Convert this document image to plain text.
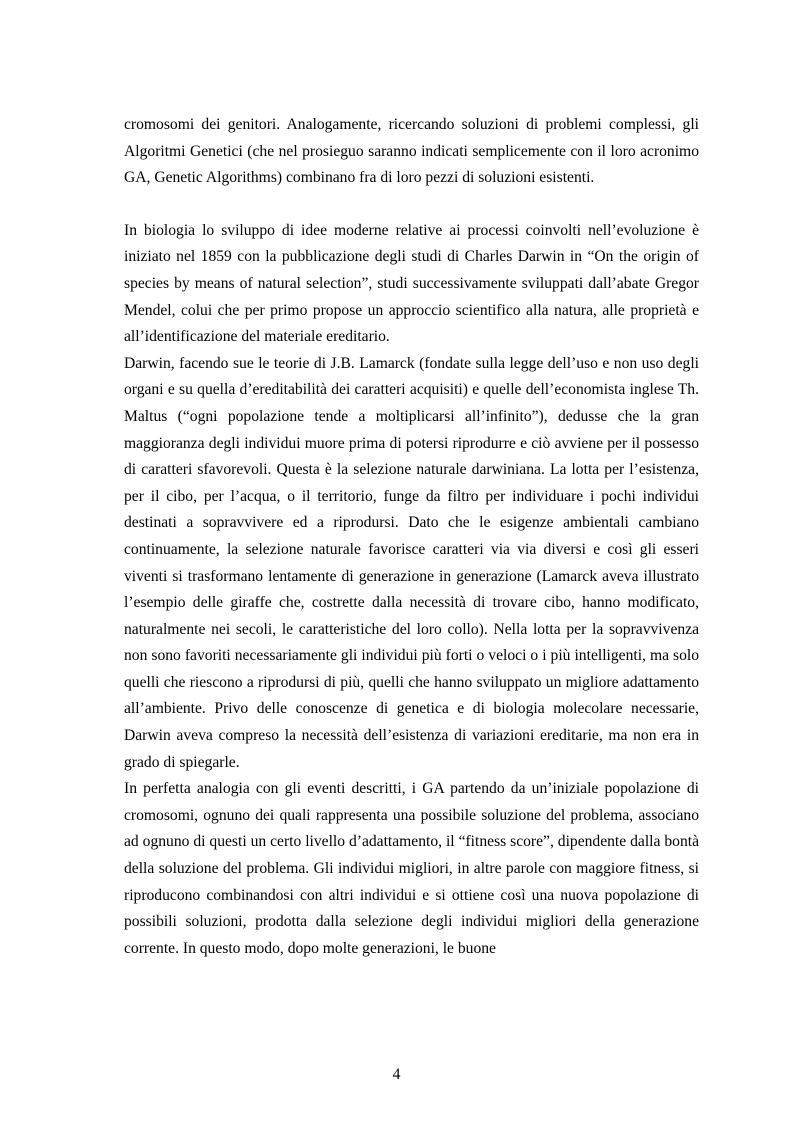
cromosomi dei genitori. Analogamente, ricercando soluzioni di problemi complessi, gli Algoritmi Genetici (che nel prosieguo saranno indicati semplicemente con il loro acronimo GA, Genetic Algorithms) combinano fra di loro pezzi di soluzioni esistenti.

In biologia lo sviluppo di idee moderne relative ai processi coinvolti nell’evoluzione è iniziato nel 1859 con la pubblicazione degli studi di Charles Darwin in “On the origin of species by means of natural selection”, studi successivamente sviluppati dall’abate Gregor Mendel, colui che per primo propose un approccio scientifico alla natura, alle proprietà e all’identificazione del materiale ereditario.

Darwin, facendo sue le teorie di J.B. Lamarck (fondate sulla legge dell’uso e non uso degli organi e su quella d’ereditabilità dei caratteri acquisiti) e quelle dell’economista inglese Th. Maltus (“ogni popolazione tende a moltiplicarsi all’infinito”), dedusse che la gran maggioranza degli individui muore prima di potersi riprodurre e ciò avviene per il possesso di caratteri sfavorevoli. Questa è la selezione naturale darwiniana. La lotta per l’esistenza, per il cibo, per l’acqua, o il territorio, funge da filtro per individuare i pochi individui destinati a sopravvivere ed a riprodursi. Dato che le esigenze ambientali cambiano continuamente, la selezione naturale favorisce caratteri via via diversi e così gli esseri viventi si trasformano lentamente di generazione in generazione (Lamarck aveva illustrato l’esempio delle giraffe che, costrette dalla necessità di trovare cibo, hanno modificato, naturalmente nei secoli, le caratteristiche del loro collo). Nella lotta per la sopravvivenza non sono favoriti necessariamente gli individui più forti o veloci o i più intelligenti, ma solo quelli che riescono a riprodursi di più, quelli che hanno sviluppato un migliore adattamento all’ambiente. Privo delle conoscenze di genetica e di biologia molecolare necessarie, Darwin aveva compreso la necessità dell’esistenza di variazioni ereditarie, ma non era in grado di spiegarle.

In perfetta analogia con gli eventi descritti, i GA partendo da un’iniziale popolazione di cromosomi, ognuno dei quali rappresenta una possibile soluzione del problema, associano ad ognuno di questi un certo livello d’adattamento, il “fitness score”, dipendente dalla bontà della soluzione del problema. Gli individui migliori, in altre parole con maggiore fitness, si riproducono combinandosi con altri individui e si ottiene così una nuova popolazione di possibili soluzioni, prodotta dalla selezione degli individui migliori della generazione corrente. In questo modo, dopo molte generazioni, le buone

4
